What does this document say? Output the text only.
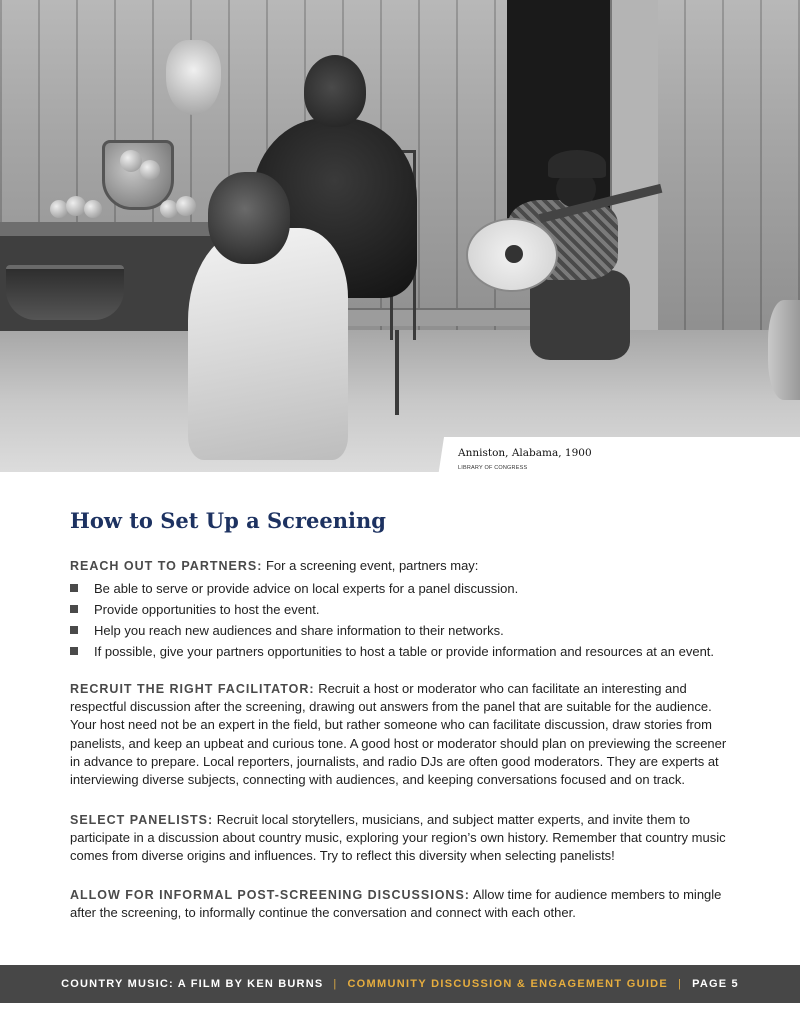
Anniston, Alabama, 1900
LIBRARY OF CONGRESS
How to Set Up a Screening

REACH OUT TO PARTNERS: For a screening event, partners may:

Be able to serve or provide advice on local experts for a panel discussion.
Provide opportunities to host the event.
Help you reach new audiences and share information to their networks.
If possible, give your partners opportunities to host a table or provide information and resources at an event.

RECRUIT THE RIGHT FACILITATOR: Recruit a host or moderator who can facilitate an interesting and respectful discussion after the screening, drawing out answers from the panel that are suitable for the audience. Your host need not be an expert in the field, but rather someone who can facilitate discussion, draw stories from panelists, and keep an upbeat and curious tone. A good host or moderator should plan on previewing the screener in advance to prepare. Local reporters, journalists, and radio DJs are often good moderators. They are experts at interviewing diverse subjects, connecting with audiences, and keeping conversations focused and on track.

SELECT PANELISTS: Recruit local storytellers, musicians, and subject matter experts, and invite them to participate in a discussion about country music, exploring your region’s own history. Remember that country music comes from diverse origins and influences. Try to reflect this diversity when selecting panelists!

ALLOW FOR INFORMAL POST-SCREENING DISCUSSIONS: Allow time for audience members to mingle after the screening, to informally continue the conversation and connect with each other.

COUNTRY MUSIC: A FILM BY KEN BURNS | COMMUNITY DISCUSSION & ENGAGEMENT GUIDE | PAGE 5
